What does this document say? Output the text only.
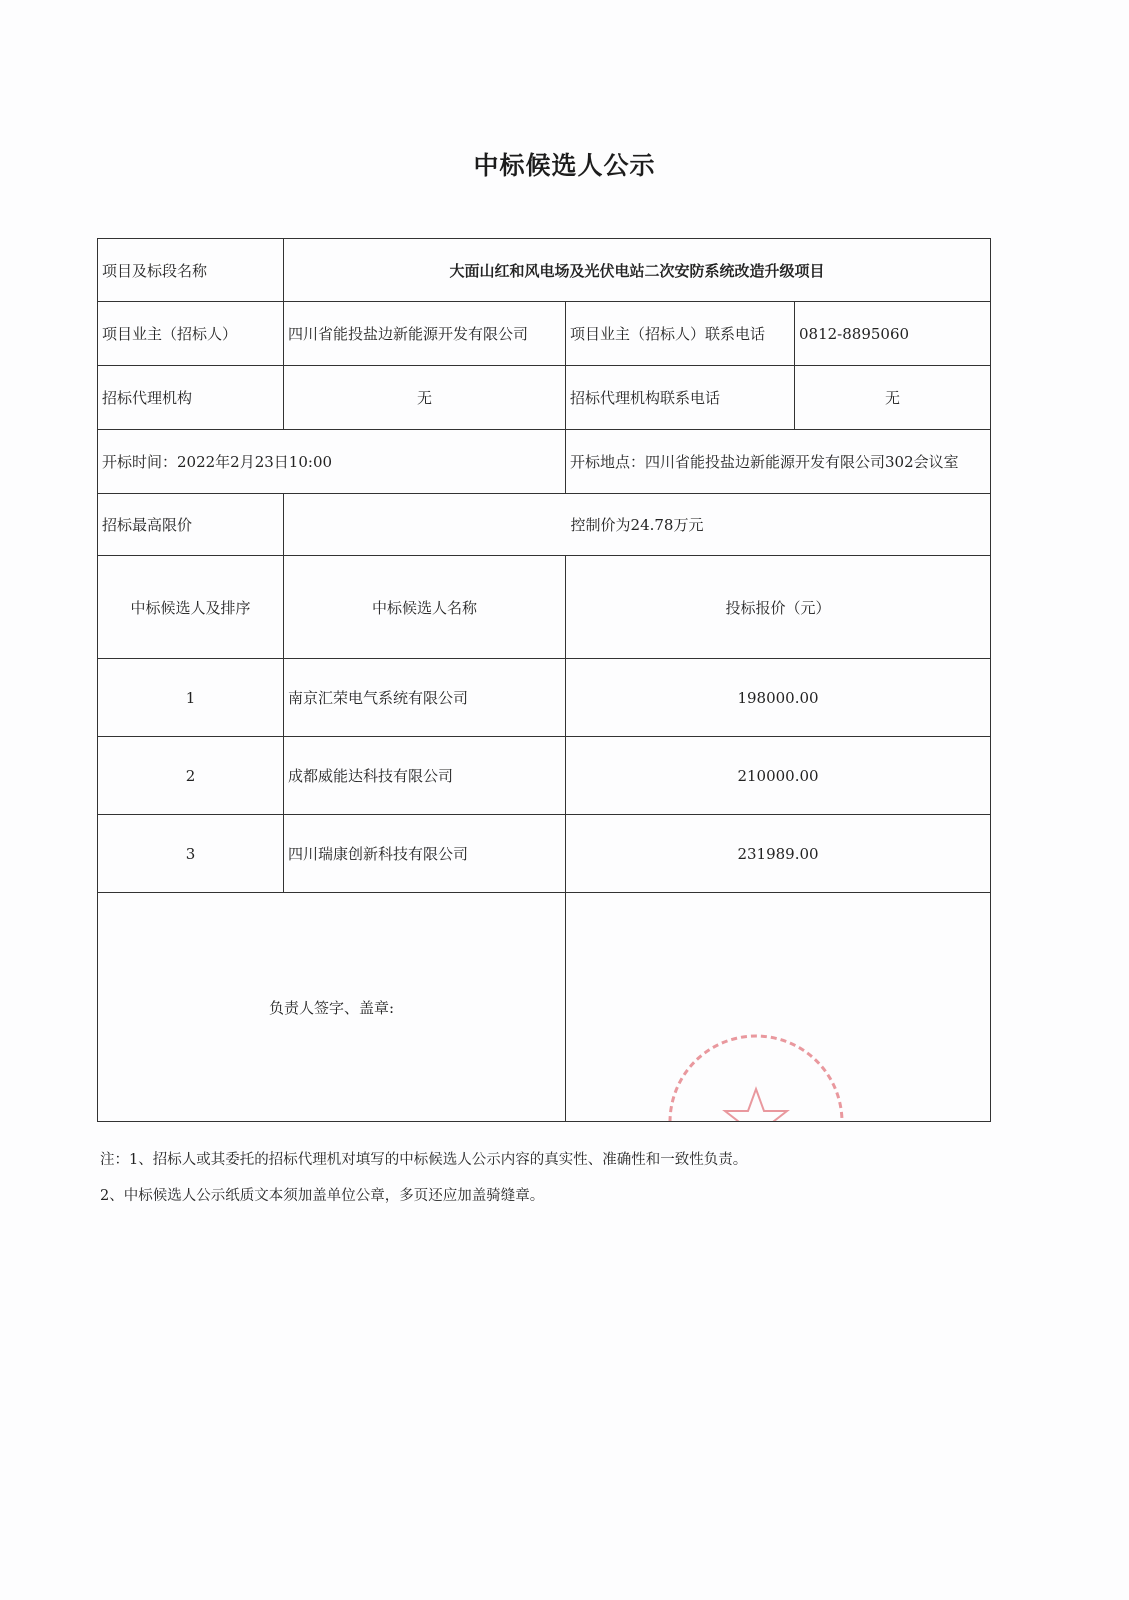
中标候选人公示
项目及标段名称	大面山红和风电场及光伏电站二次安防系统改造升级项目		
项目业主（招标人）	四川省能投盐边新能源开发有限公司	项目业主（招标人）联系电话	0812-8895060
招标代理机构	无	招标代理机构联系电话	无
开标时间：2022年2月23日10:00		开标地点：四川省能投盐边新能源开发有限公司302会议室	
招标最高限价	控制价为24.78万元		
中标候选人及排序	中标候选人名称	投标报价（元）	
1	南京汇荣电气系统有限公司	198000.00	
2	成都威能达科技有限公司	210000.00	
3	四川瑞康创新科技有限公司	231989.00	
负责人签字、盖章:		[公章]	
注：1、招标人或其委托的招标代理机对填写的中标候选人公示内容的真实性、准确性和一致性负责。
2、中标候选人公示纸质文本须加盖单位公章，多页还应加盖骑缝章。
